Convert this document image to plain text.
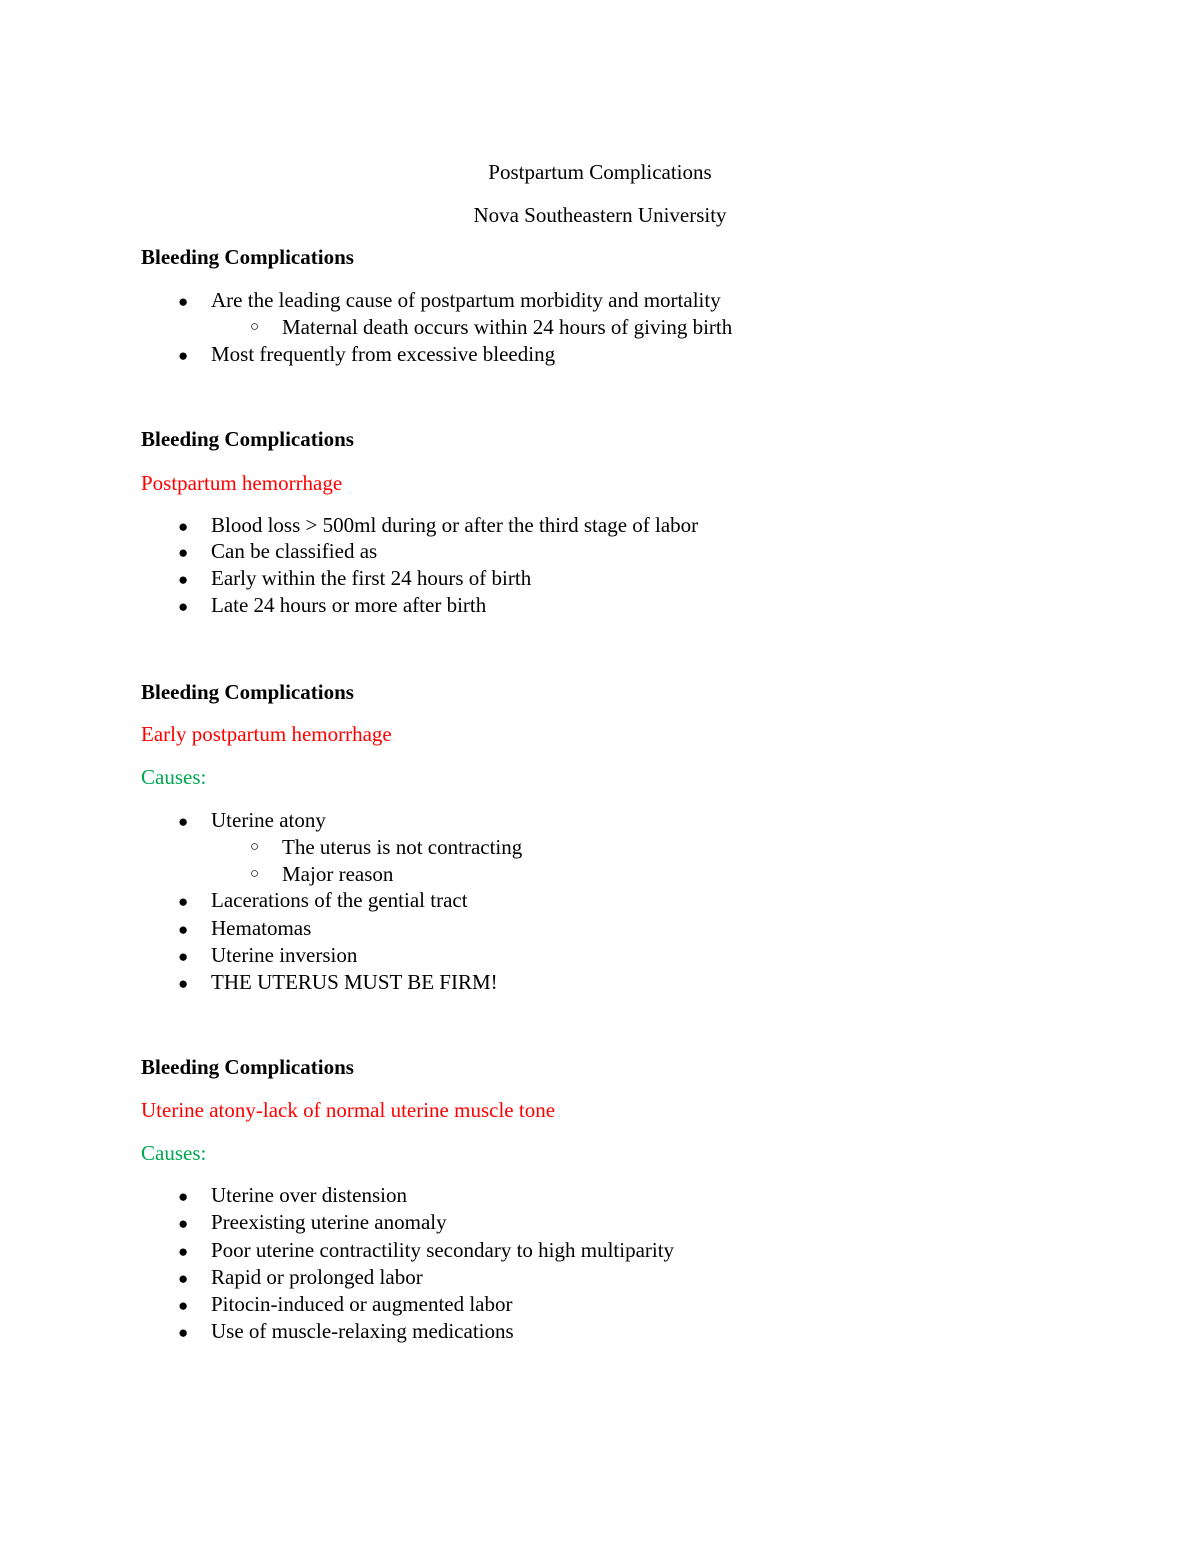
Postpartum Complications
Nova Southeastern University
Bleeding Complications
● Are the leading cause of postpartum morbidity and mortality
○ Maternal death occurs within 24 hours of giving birth
● Most frequently from excessive bleeding
Bleeding Complications
Postpartum hemorrhage
● Blood loss > 500ml during or after the third stage of labor
● Can be classified as
● Early within the first 24 hours of birth
● Late 24 hours or more after birth
Bleeding Complications
Early postpartum hemorrhage
Causes:
● Uterine atony
○ The uterus is not contracting
○ Major reason
● Lacerations of the gential tract
● Hematomas
● Uterine inversion
● THE UTERUS MUST BE FIRM!
Bleeding Complications
Uterine atony-lack of normal uterine muscle tone
Causes:
● Uterine over distension
● Preexisting uterine anomaly
● Poor uterine contractility secondary to high multiparity
● Rapid or prolonged labor
● Pitocin-induced or augmented labor
● Use of muscle-relaxing medications
